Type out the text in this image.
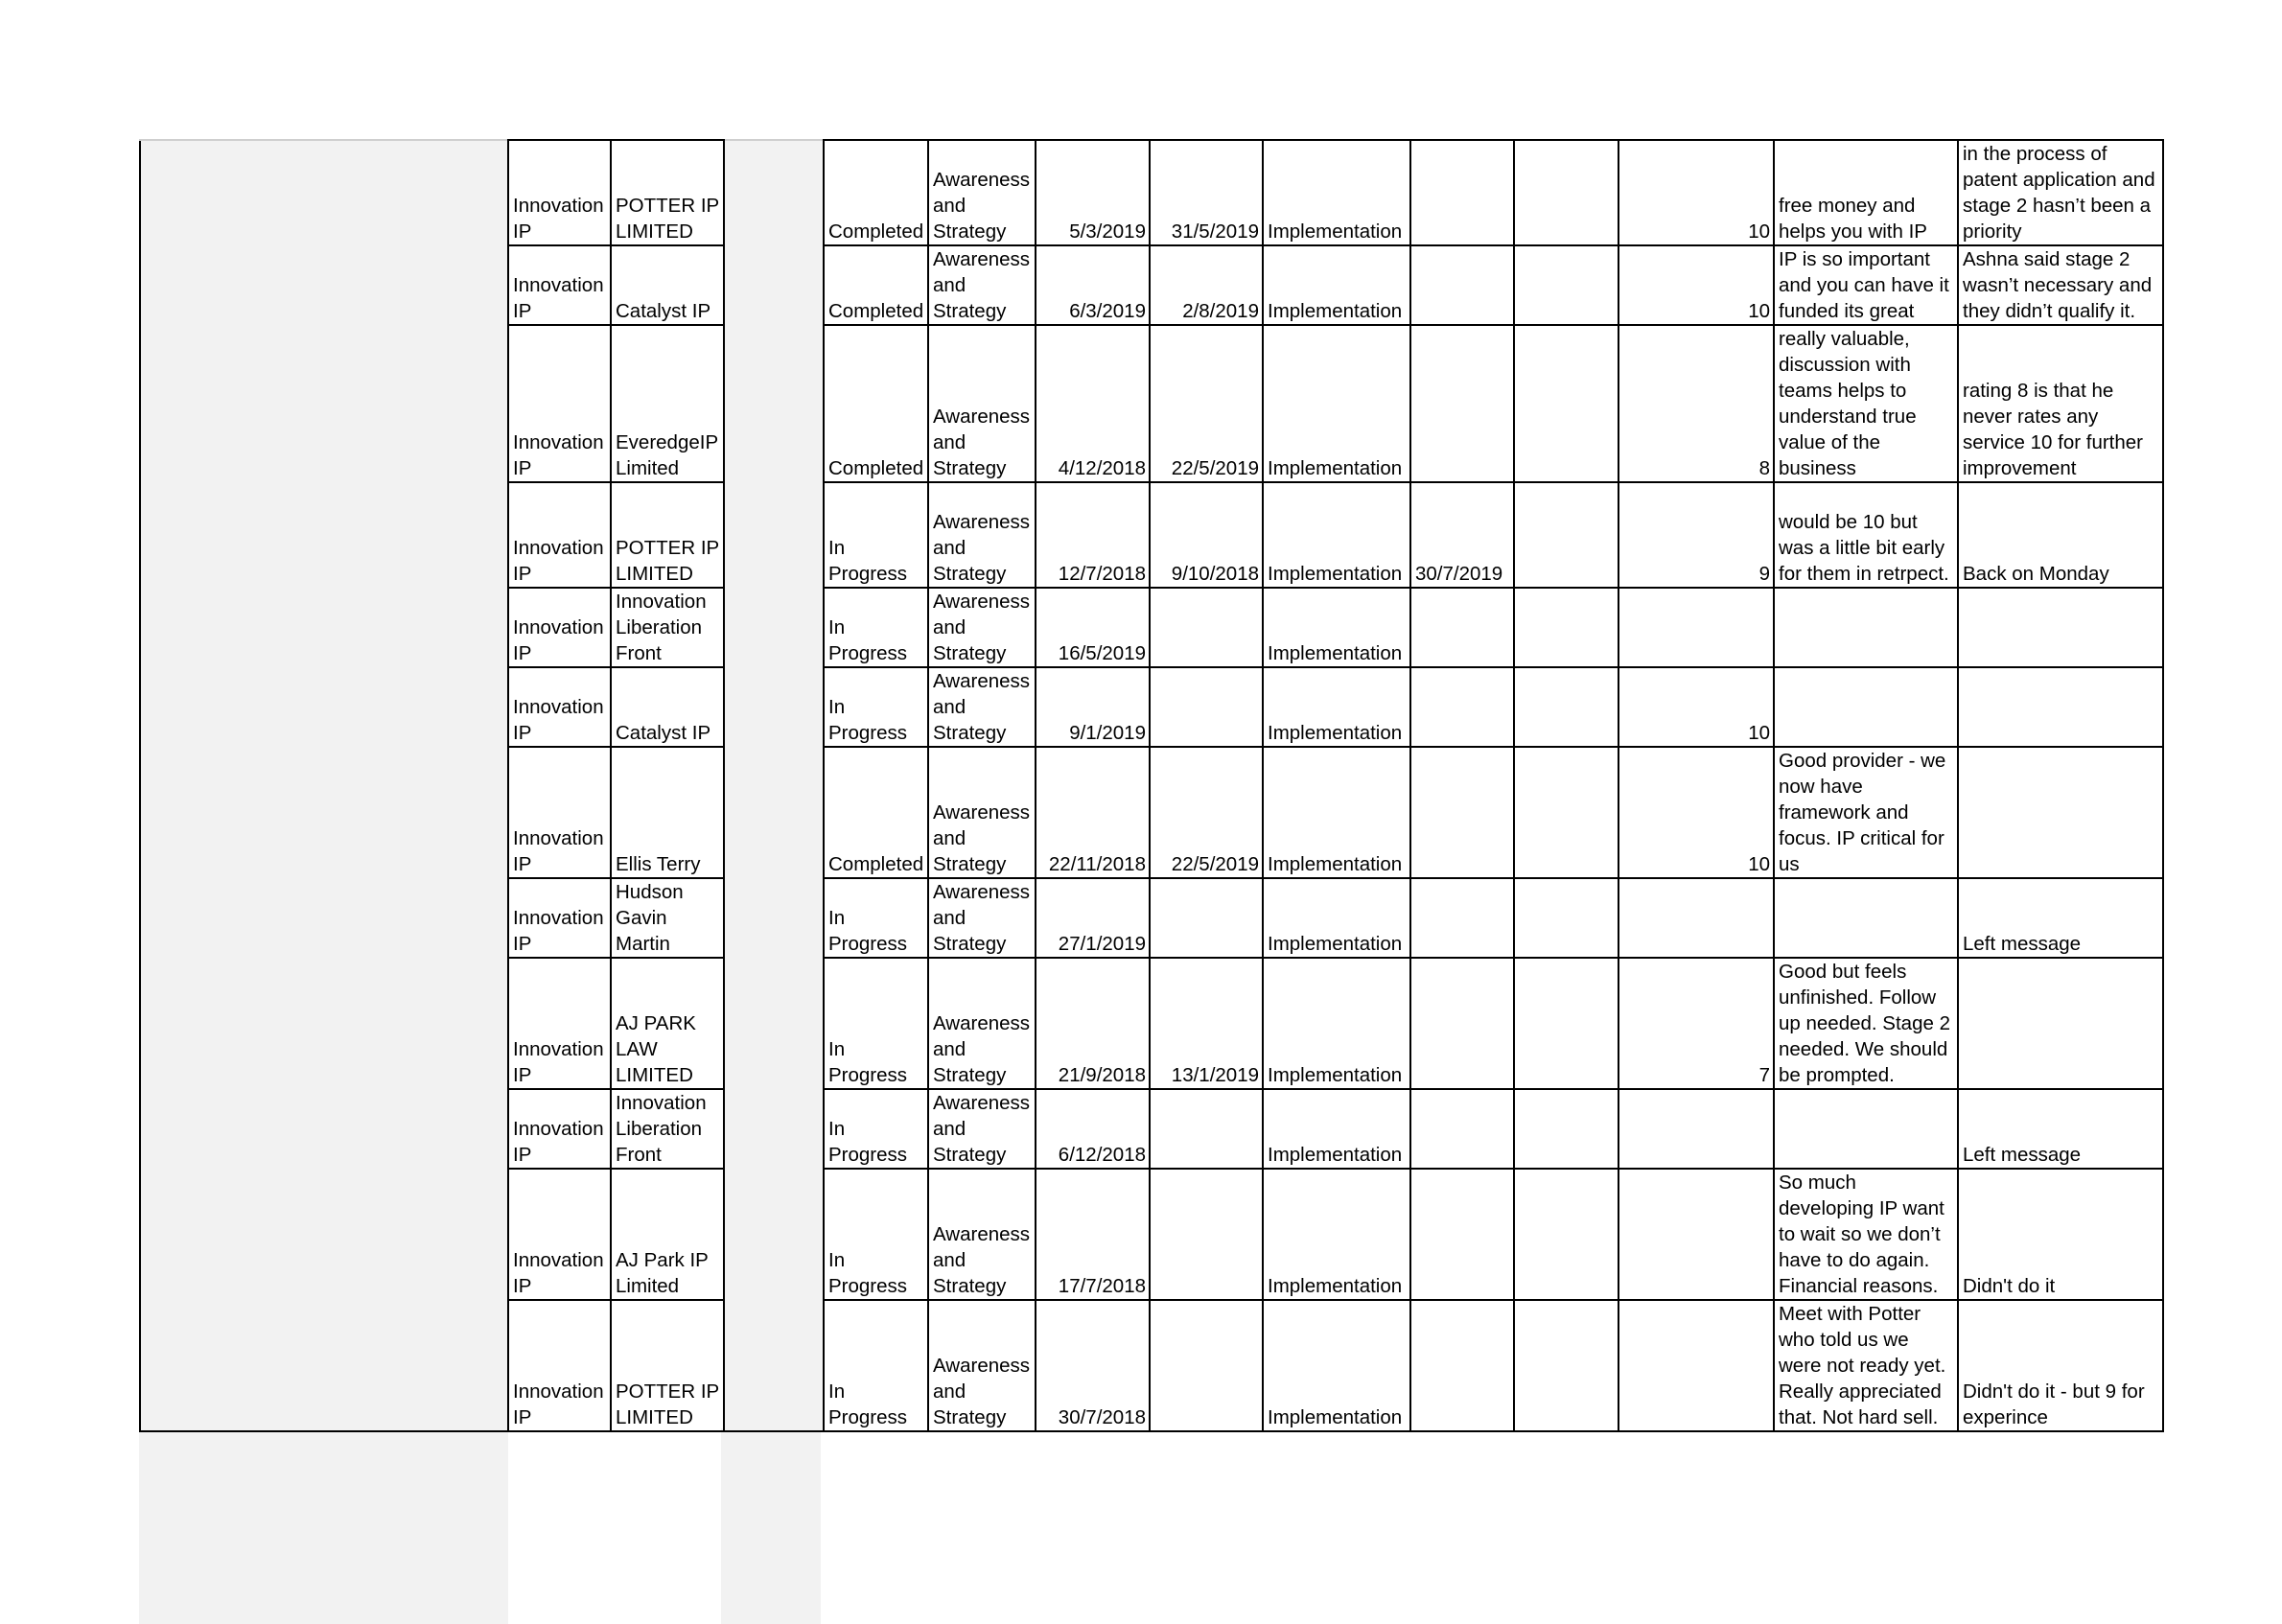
	Innovation IP	POTTER IP LIMITED		Completed	Awareness and Strategy	5/3/2019	31/5/2019	Implementation			10	free money and helps you with IP	in the process of patent application and stage 2 hasn’t been a priority
	Innovation IP	Catalyst IP		Completed	Awareness and Strategy	6/3/2019	2/8/2019	Implementation			10	IP is so important and you can have it funded its great	Ashna said stage 2 wasn’t necessary and they didn’t qualify it.
	Innovation IP	EveredgeIP Limited		Completed	Awareness and Strategy	4/12/2018	22/5/2019	Implementation			8	really valuable, discussion with teams helps to understand true value of the business	rating 8 is that he never rates any service 10 for further improvement
	Innovation IP	POTTER IP LIMITED		In Progress	Awareness and Strategy	12/7/2018	9/10/2018	Implementation	30/7/2019		9	would be 10 but was a little bit early for them in retrpect.	Back on Monday
	Innovation IP	Innovation Liberation Front		In Progress	Awareness and Strategy	16/5/2019		Implementation					
	Innovation IP	Catalyst IP		In Progress	Awareness and Strategy	9/1/2019		Implementation			10		
	Innovation IP	Ellis Terry		Completed	Awareness and Strategy	22/11/2018	22/5/2019	Implementation			10	Good provider - we now have framework and focus. IP critical for us	
	Innovation IP	Hudson Gavin Martin		In Progress	Awareness and Strategy	27/1/2019		Implementation					Left message
	Innovation IP	AJ PARK LAW LIMITED		In Progress	Awareness and Strategy	21/9/2018	13/1/2019	Implementation			7	Good but feels unfinished. Follow up needed. Stage 2 needed. We should be prompted.	
	Innovation IP	Innovation Liberation Front		In Progress	Awareness and Strategy	6/12/2018		Implementation					Left message
	Innovation IP	AJ Park IP Limited		In Progress	Awareness and Strategy	17/7/2018		Implementation				So much developing IP want to wait so we don’t have to do again. Financial reasons.	Didn't do it
	Innovation IP	POTTER IP LIMITED		In Progress	Awareness and Strategy	30/7/2018		Implementation				Meet with Potter who told us we were not ready yet. Really appreciated that. Not hard sell.	Didn't do it - but 9 for experince
